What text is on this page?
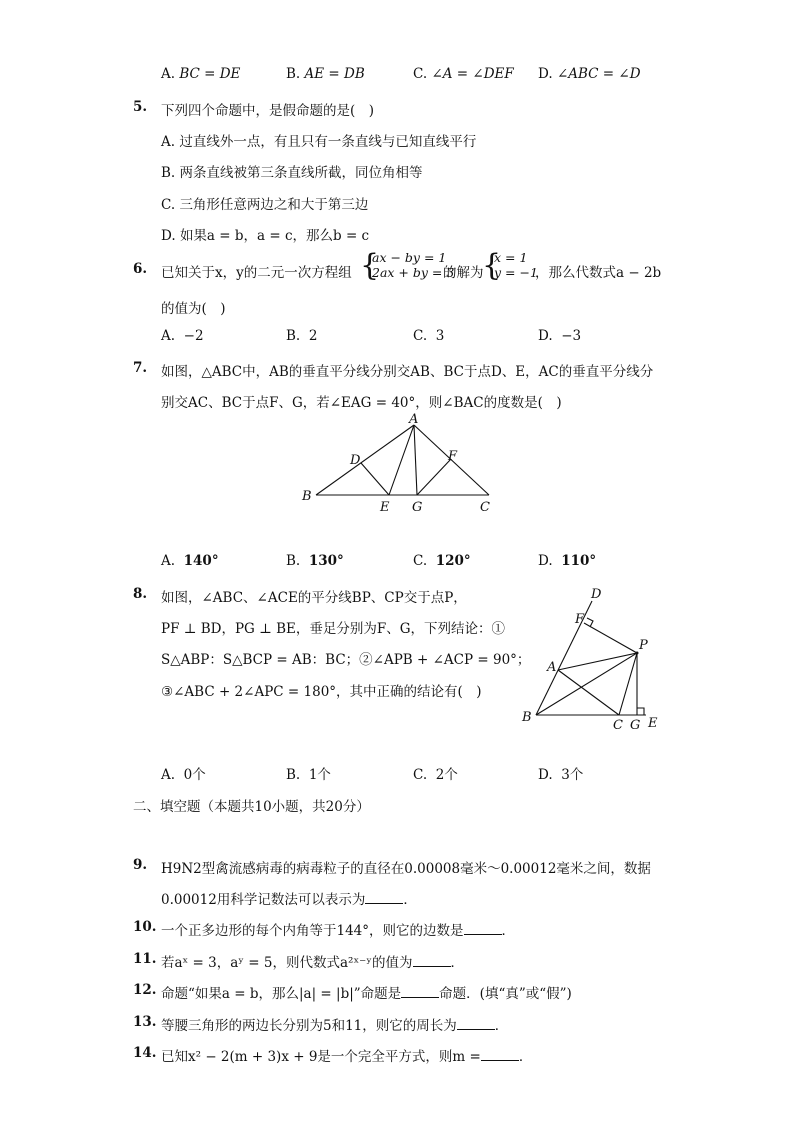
A. BC = DE	B. AE = DB	C. ∠A = ∠DEF D. ∠ABC = ∠D
5. 下列四个命题中，是假命题的是(　)
A. 过直线外一点，有且只有一条直线与已知直线平行
B. 两条直线被第三条直线所截，同位角相等
C. 三角形任意两边之和大于第三边
D. 如果a = b，a = c，那么b = c
6. 已知关于x，y的二元一次方程组 {
ax − by = 1
2ax + by = 3
的解为
{
x = 1
y = −1
，那么代数式a − 2b
的值为(　)
A. −2	B. 2	C. 3	D. −3
7. 如图，△ABC中，AB的垂直平分线分别交AB、BC于点D、E，AC的垂直平分线分
别交AC、BC于点F、G，若∠EAG = 40°，则∠BAC的度数是(　)
A
B
C
D
E
F
G
A. 140°	B. 130°	C. 120°	D. 110°
8. 如图，∠ABC、∠ACE的平分线BP、CP交于点P，
PF ⊥ BD，PG ⊥ BE，垂足分别为F、G，下列结论：①
S△ABP：S△BCP = AB：BC；②∠APB + ∠ACP = 90°；
③∠ABC + 2∠APC = 180°，其中正确的结论有(　)
D
F
P
A
B
C G E
A. 0个	B. 1个	C. 2个	D. 3个
二、填空题（本题共10小题，共20分）
9. H9N2型禽流感病毒的病毒粒子的直径在0.00008毫米～0.00012毫米之间，数据
0.00012用科学记数法可以表示为	．
10. 一个正多边形的每个内角等于144°，则它的边数是	．
11. 若aˣ = 3，aʸ = 5，则代数式a²ˣ⁻ʸ的值为	．
12. 命题“如果a = b，那么|a| = |b|”命题是	命题．(填“真”或“假”)
13. 等腰三角形的两边长分别为5和11，则它的周长为	．
14. 已知x² − 2(m + 3)x + 9是一个完全平方式，则m =	．
